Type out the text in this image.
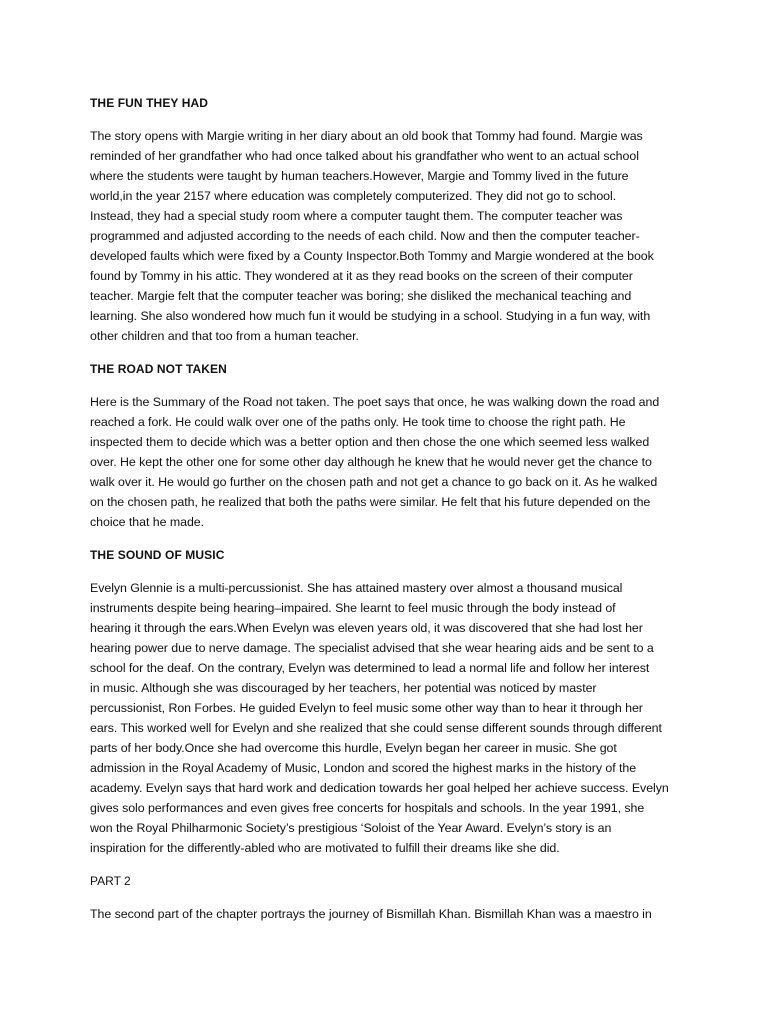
THE FUN THEY HAD
The story opens with Margie writing in her diary about an old book that Tommy had found. Margie was
reminded of her grandfather who had once talked about his grandfather who went to an actual school
where the students were taught by human teachers.However, Margie and Tommy lived in the future
world,in the year 2157 where education was completely computerized. They did not go to school.
Instead, they had a special study room where a computer taught them. The computer teacher was
programmed and adjusted according to the needs of each child. Now and then the computer teacher-
developed faults which were fixed by a County Inspector.Both Tommy and Margie wondered at the book
found by Tommy in his attic. They wondered at it as they read books on the screen of their computer
teacher. Margie felt that the computer teacher was boring; she disliked the mechanical teaching and
learning. She also wondered how much fun it would be studying in a school. Studying in a fun way, with
other children and that too from a human teacher.
THE ROAD NOT TAKEN
Here is the Summary of the Road not taken. The poet says that once, he was walking down the road and
reached a fork. He could walk over one of the paths only. He took time to choose the right path. He
inspected them to decide which was a better option and then chose the one which seemed less walked
over. He kept the other one for some other day although he knew that he would never get the chance to
walk over it. He would go further on the chosen path and not get a chance to go back on it. As he walked
on the chosen path, he realized that both the paths were similar. He felt that his future depended on the
choice that he made.
THE SOUND OF MUSIC
Evelyn Glennie is a multi-percussionist. She has attained mastery over almost a thousand musical
instruments despite being hearing–impaired. She learnt to feel music through the body instead of
hearing it through the ears.When Evelyn was eleven years old, it was discovered that she had lost her
hearing power due to nerve damage. The specialist advised that she wear hearing aids and be sent to a
school for the deaf. On the contrary, Evelyn was determined to lead a normal life and follow her interest
in music. Although she was discouraged by her teachers, her potential was noticed by master
percussionist, Ron Forbes. He guided Evelyn to feel music some other way than to hear it through her
ears. This worked well for Evelyn and she realized that she could sense different sounds through different
parts of her body.Once she had overcome this hurdle, Evelyn began her career in music. She got
admission in the Royal Academy of Music, London and scored the highest marks in the history of the
academy. Evelyn says that hard work and dedication towards her goal helped her achieve success. Evelyn
gives solo performances and even gives free concerts for hospitals and schools. In the year 1991, she
won the Royal Philharmonic Society’s prestigious ‘Soloist of the Year Award. Evelyn’s story is an
inspiration for the differently-abled who are motivated to fulfill their dreams like she did.
PART 2
The second part of the chapter portrays the journey of Bismillah Khan. Bismillah Khan was a maestro in
